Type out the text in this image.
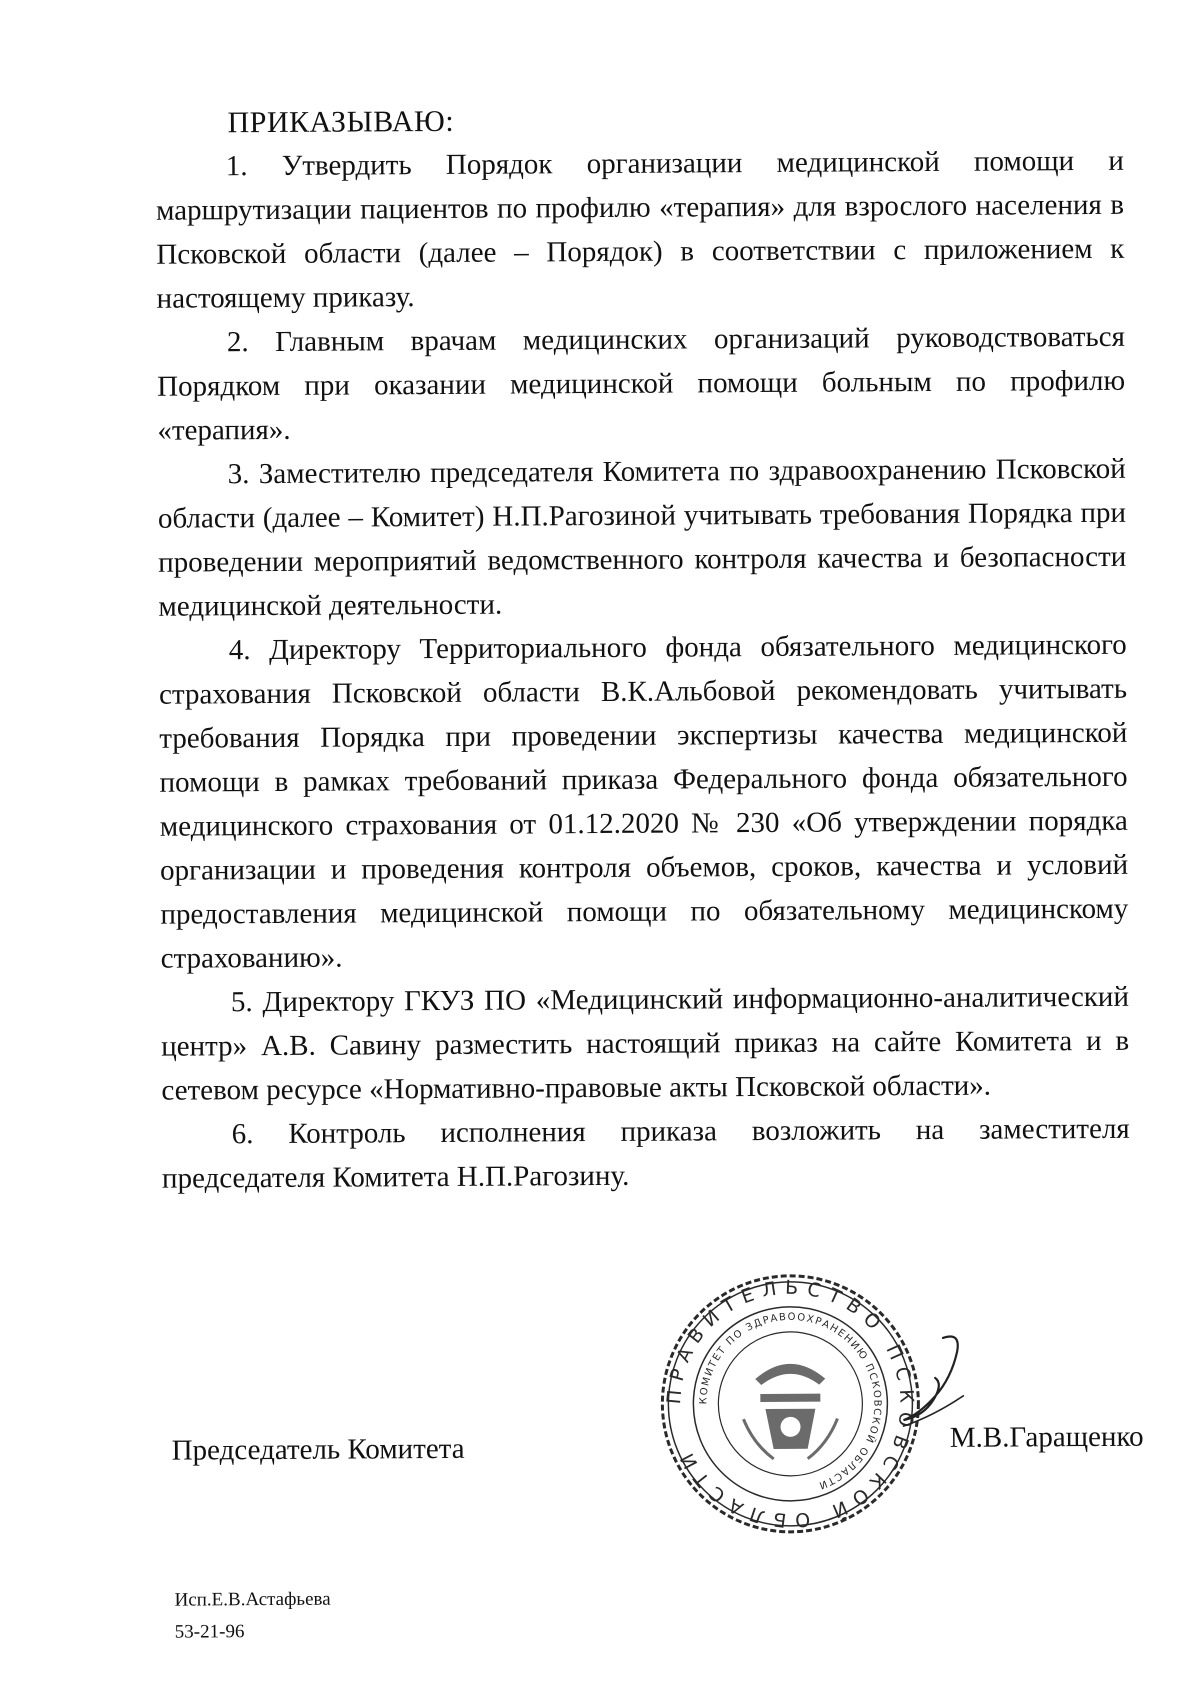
ПРИКАЗЫВАЮ:

1. Утвердить Порядок организации медицинской помощи и маршрутизации пациентов по профилю «терапия» для взрослого населения в Псковской области (далее – Порядок) в соответствии с приложением к настоящему приказу.

2. Главным врачам медицинских организаций руководствоваться Порядком при оказании медицинской помощи больным по профилю «терапия».

3. Заместителю председателя Комитета по здравоохранению Псковской области (далее – Комитет) Н.П.Рагозиной учитывать требования Порядка при проведении мероприятий ведомственного контроля качества и безопасности медицинской деятельности.

4. Директору Территориального фонда обязательного медицинского страхования Псковской области В.К.Альбовой рекомендовать учитывать требования Порядка при проведении экспертизы качества медицинской помощи в рамках требований приказа Федерального фонда обязательного медицинского страхования от 01.12.2020 № 230 «Об утверждении порядка организации и проведения контроля объемов, сроков, качества и условий предоставления медицинской помощи по обязательному медицинскому страхованию».

5. Директору ГКУЗ ПО «Медицинский информационно-аналитический центр» А.В. Савину разместить настоящий приказ на сайте Комитета и в сетевом ресурсе «Нормативно-правовые акты Псковской области».

6. Контроль исполнения приказа возложить на заместителя председателя Комитета Н.П.Рагозину.

ПРАВИТЕЛЬСТВО ПСКОВСКОЙ ОБЛАСТИ
КОМИТЕТ ПО ЗДРАВООХРАНЕНИЮ ПСКОВСКОЙ ОБЛАСТИ
Председатель Комитета	М.В.Гаращенко
Исп.Е.В.Астафьева
53-21-96
